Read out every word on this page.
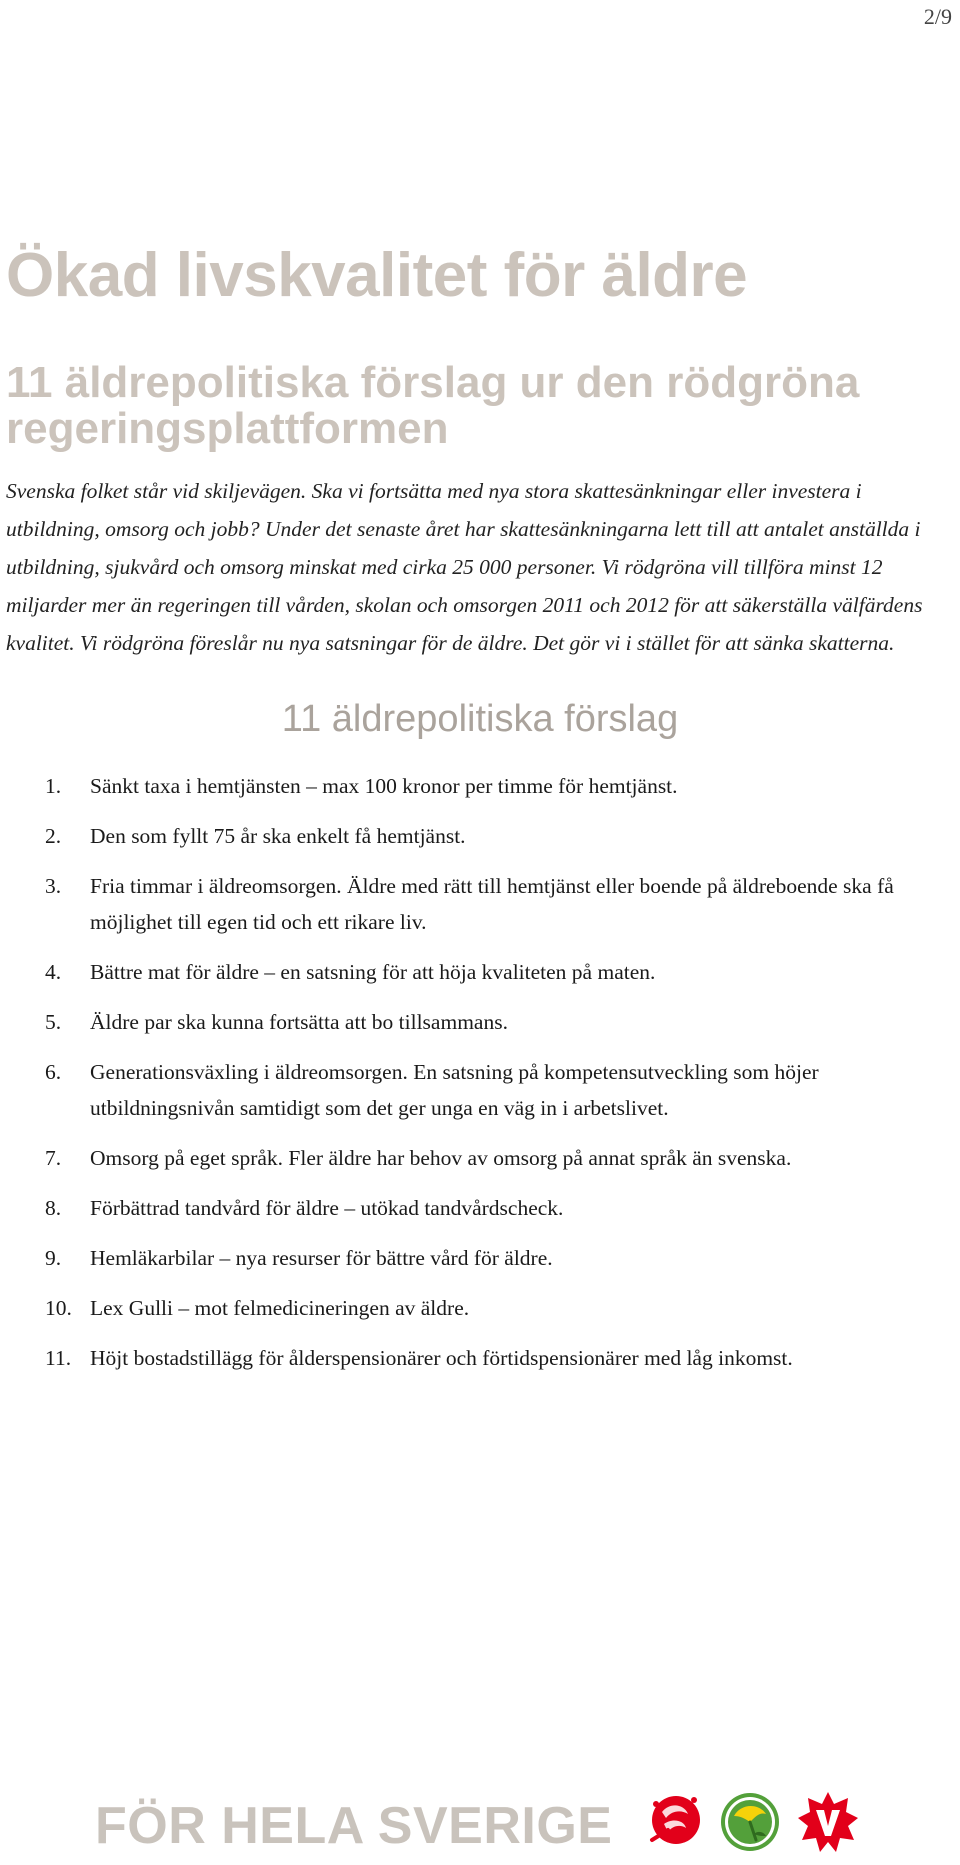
2/9
Ökad livskvalitet för äldre
11 äldrepolitiska förslag ur den rödgröna regeringsplattformen

Svenska folket står vid skiljevägen. Ska vi fortsätta med nya stora skattesänkningar eller investera i utbildning, omsorg och jobb? Under det senaste året har skattesänkningarna lett till att antalet anställda i utbildning, sjukvård och omsorg minskat med cirka 25 000 personer. Vi rödgröna vill tillföra minst 12 miljarder mer än regeringen till vården, skolan och omsorgen 2011 och 2012 för att säkerställa välfärdens kvalitet. Vi rödgröna föreslår nu nya satsningar för de äldre. Det gör vi i stället för att sänka skatterna.

11 äldrepolitiska förslag
1. Sänkt taxa i hemtjänsten – max 100 kronor per timme för hemtjänst.
2. Den som fyllt 75 år ska enkelt få hemtjänst.
3. Fria timmar i äldreomsorgen. Äldre med rätt till hemtjänst eller boende på äldreboende ska få möjlighet till egen tid och ett rikare liv.
4. Bättre mat för äldre – en satsning för att höja kvaliteten på maten.
5. Äldre par ska kunna fortsätta att bo tillsammans.
6. Generationsväxling i äldreomsorgen. En satsning på kompetensutveckling som höjer utbildningsnivån samtidigt som det ger unga en väg in i arbetslivet.
7. Omsorg på eget språk. Fler äldre har behov av omsorg på annat språk än svenska.
8. Förbättrad tandvård för äldre – utökad tandvårdscheck.
9. Hemläkarbilar – nya resurser för bättre vård för äldre.
10. Lex Gulli – mot felmedicineringen av äldre.
11. Höjt bostadstillägg för ålderspensionärer och förtidspensionärer med låg inkomst.
FÖR HELA SVERIGE
